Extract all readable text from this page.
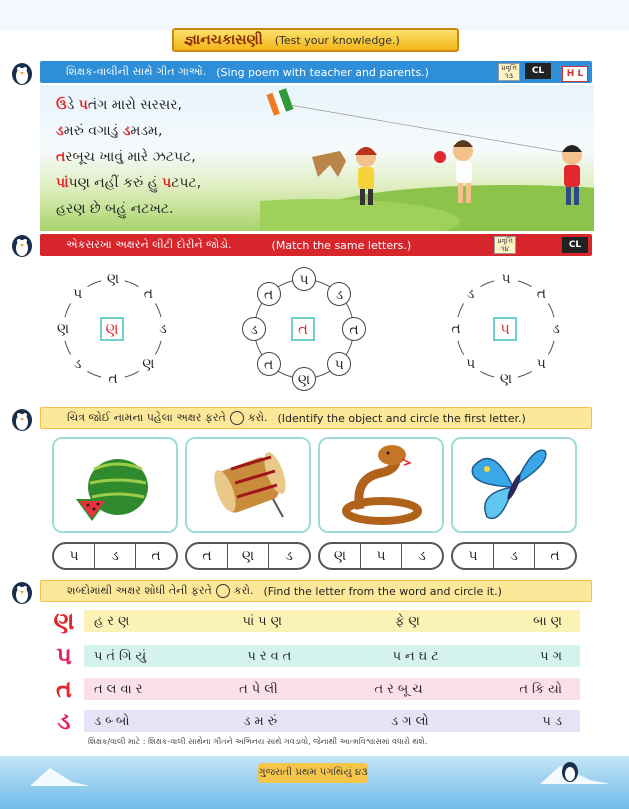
જ્ઞાનચકાસણી (Test your knowledge.)
શિક્ષક-વાલીની સાથે ગીત ગાઓ. (Sing poem with teacher and parents.)	પ્રવૃત્તિ
૧૩	CL	H L
ઉડે પતંગ મારો સરસર,
ડમરું વગાડું ડમડમ,
તરબૂચ ખાવું મારે ઝટપટ,
પાંપણ નહીં કરું હું પટપટ,
હરણ છે બહું નટખટ.
એકસરખા અક્ષરને લીટી દોરીને જોડો.	(Match the same letters.)	પ્રવૃત્તિ
૧૪	CL
ણ
ત
ડ
ણ
ત
ડ
ણ
પ
ણ
પ
ડ
ત
પ
ણ
ત
ડ
ત
ત
પ
ત
ડ
પ
ણ
પ
ત
ડ
પ
ચિત્ર જોઈ નામના પહેલા અક્ષર ફરતે કરો. (Identify the object and circle the first letter.)
પ	ડ	ત	ત	ણ	ડ	ણ	પ	ડ	પ	ડ	ત
શબ્દોમાંથી અક્ષર શોધી તેની ફરતે કરો. (Find the letter from the word and circle it.)
ણ	હરણ	પાંપણ	ફેણ	બાણ
પ	પતંગિયું	પરવત	પનઘટ	પગ
ત	તલવાર	તપેલી	તરબૂચ	તકિયો
ડ	ડબ્બો	ડમરું	ડગલો	પડ
શિક્ષક/વાલી માટે : શિક્ષક-વાલી સાથેના ગીતને અભિનય સાથે ગવડાવો, જેનાથી આત્મવિશ્વાસમાં વધારો થશે.
ગુજરાતી પ્રથમ પગથિયું ૪૩
